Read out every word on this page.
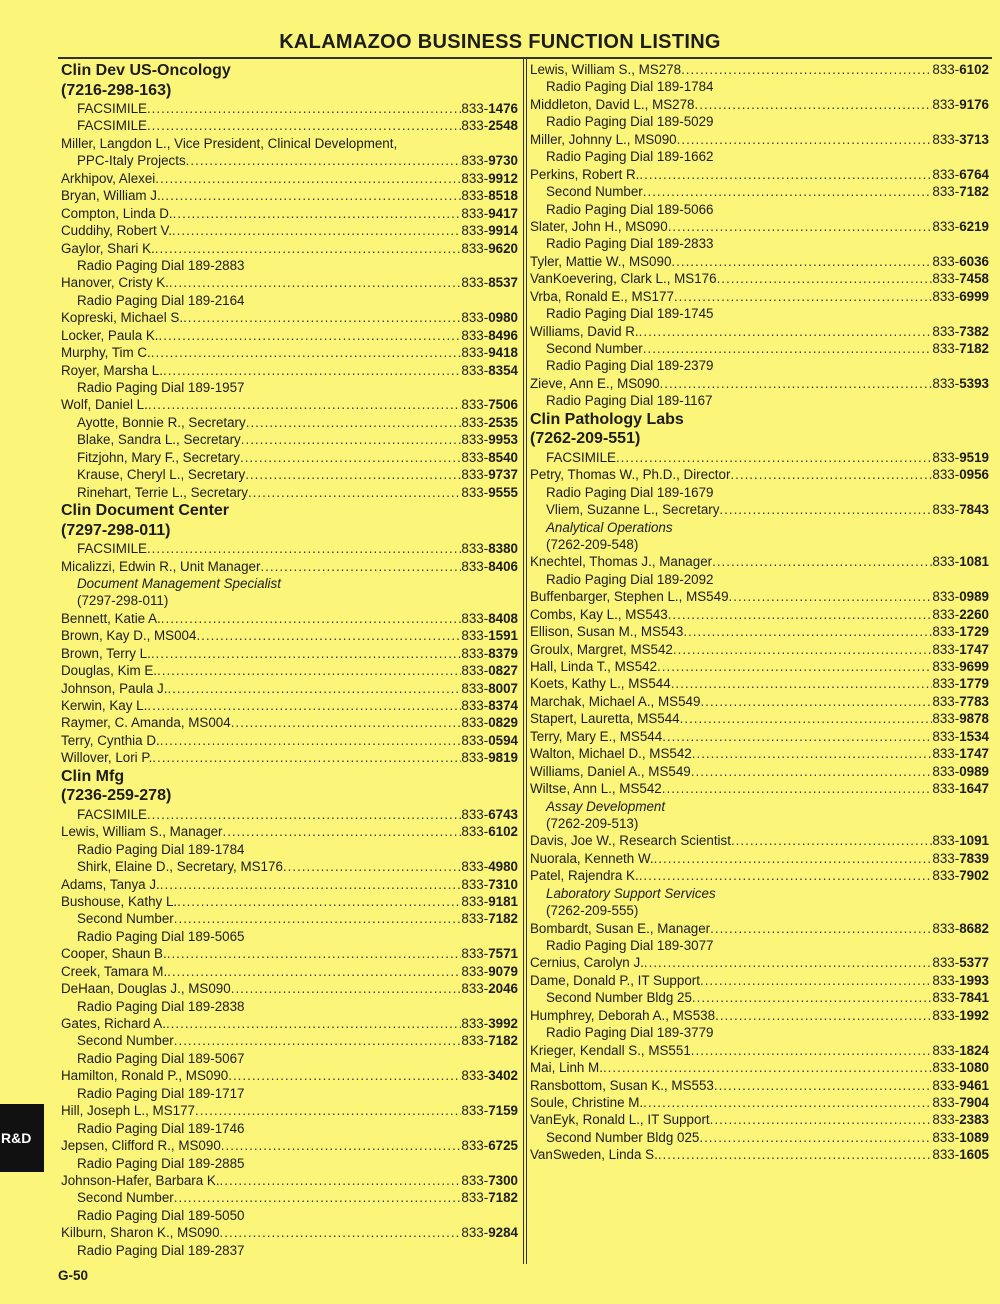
KALAMAZOO BUSINESS FUNCTION LISTING
Clin Dev US-Oncology
(7216-298-163)
FACSIMILE .....	833-1476
FACSIMILE .....	833-2548
Miller, Langdon L., Vice President, Clinical Development,
PPC-Italy Projects .....	833-9730
Arkhipov, Alexei .....	833-9912
Bryan, William J. .....	833-8518
Compton, Linda D. .....	833-9417
Cuddihy, Robert V. .....	833-9914
Gaylor, Shari K. .....	833-9620
Radio Paging Dial 189-2883
Hanover, Cristy K. .....	833-8537
Radio Paging Dial 189-2164
Kopreski, Michael S. .....	833-0980
Locker, Paula K. .....	833-8496
Murphy, Tim C. .....	833-9418
Royer, Marsha L. .....	833-8354
Radio Paging Dial 189-1957
Wolf, Daniel L. .....	833-7506
Ayotte, Bonnie R., Secretary .....	833-2535
Blake, Sandra L., Secretary .....	833-9953
Fitzjohn, Mary F., Secretary .....	833-8540
Krause, Cheryl L., Secretary .....	833-9737
Rinehart, Terrie L., Secretary .....	833-9555
Clin Document Center
(7297-298-011)
FACSIMILE .....	833-8380
Micalizzi, Edwin R., Unit Manager .....	833-8406
Document Management Specialist
(7297-298-011)
Bennett, Katie A. .....	833-8408
Brown, Kay D., MS004 .....	833-1591
Brown, Terry L. .....	833-8379
Douglas, Kim E. .....	833-0827
Johnson, Paula J. .....	833-8007
Kerwin, Kay L. .....	833-8374
Raymer, C. Amanda, MS004 .....	833-0829
Terry, Cynthia D. .....	833-0594
Willover, Lori P. .....	833-9819
Clin Mfg
(7236-259-278)
FACSIMILE .....	833-6743
Lewis, William S., Manager .....	833-6102
Radio Paging Dial 189-1784
Shirk, Elaine D., Secretary, MS176 .....	833-4980
Adams, Tanya J. .....	833-7310
Bushouse, Kathy L. .....	833-9181
Second Number .....	833-7182
Radio Paging Dial 189-5065
Cooper, Shaun B. .....	833-7571
Creek, Tamara M. .....	833-9079
DeHaan, Douglas J., MS090 .....	833-2046
Radio Paging Dial 189-2838
Gates, Richard A. .....	833-3992
Second Number .....	833-7182
Radio Paging Dial 189-5067
Hamilton, Ronald P., MS090 .....	833-3402
Radio Paging Dial 189-1717
Hill, Joseph L., MS177 .....	833-7159
Radio Paging Dial 189-1746
Jepsen, Clifford R., MS090 .....	833-6725
Radio Paging Dial 189-2885
Johnson-Hafer, Barbara K. .....	833-7300
Second Number .....	833-7182
Radio Paging Dial 189-5050
Kilburn, Sharon K., MS090 .....	833-9284
Radio Paging Dial 189-2837
Lewis, William S., MS278 .....	833-6102
Radio Paging Dial 189-1784
Middleton, David L., MS278 .....	833-9176
Radio Paging Dial 189-5029
Miller, Johnny L., MS090 .....	833-3713
Radio Paging Dial 189-1662
Perkins, Robert R. .....	833-6764
Second Number .....	833-7182
Radio Paging Dial 189-5066
Slater, John H., MS090 .....	833-6219
Radio Paging Dial 189-2833
Tyler, Mattie W., MS090 .....	833-6036
VanKoevering, Clark L., MS176 .....	833-7458
Vrba, Ronald E., MS177 .....	833-6999
Radio Paging Dial 189-1745
Williams, David R. .....	833-7382
Second Number .....	833-7182
Radio Paging Dial 189-2379
Zieve, Ann E., MS090 .....	833-5393
Radio Paging Dial 189-1167
Clin Pathology Labs
(7262-209-551)
FACSIMILE .....	833-9519
Petry, Thomas W., Ph.D., Director .....	833-0956
Radio Paging Dial 189-1679
Vliem, Suzanne L., Secretary .....	833-7843
Analytical Operations
(7262-209-548)
Knechtel, Thomas J., Manager .....	833-1081
Radio Paging Dial 189-2092
Buffenbarger, Stephen L., MS549 .....	833-0989
Combs, Kay L., MS543 .....	833-2260
Ellison, Susan M., MS543 .....	833-1729
Groulx, Margret, MS542 .....	833-1747
Hall, Linda T., MS542 .....	833-9699
Koets, Kathy L., MS544 .....	833-1779
Marchak, Michael A., MS549 .....	833-7783
Stapert, Lauretta, MS544 .....	833-9878
Terry, Mary E., MS544 .....	833-1534
Walton, Michael D., MS542 .....	833-1747
Williams, Daniel A., MS549 .....	833-0989
Wiltse, Ann L., MS542 .....	833-1647
Assay Development
(7262-209-513)
Davis, Joe W., Research Scientist .....	833-1091
Nuorala, Kenneth W. .....	833-7839
Patel, Rajendra K. .....	833-7902
Laboratory Support Services
(7262-209-555)
Bombardt, Susan E., Manager .....	833-8682
Radio Paging Dial 189-3077
Cernius, Carolyn J. .....	833-5377
Dame, Donald P., IT Support .....	833-1993
Second Number Bldg 25 .....	833-7841
Humphrey, Deborah A., MS538 .....	833-1992
Radio Paging Dial 189-3779
Krieger, Kendall S., MS551 .....	833-1824
Mai, Linh M. .....	833-1080
Ransbottom, Susan K., MS553 .....	833-9461
Soule, Christine M. .....	833-7904
VanEyk, Ronald L., IT Support .....	833-2383
Second Number Bldg 025 .....	833-1089
VanSweden, Linda S. .....	833-1605
R&D
G-50
